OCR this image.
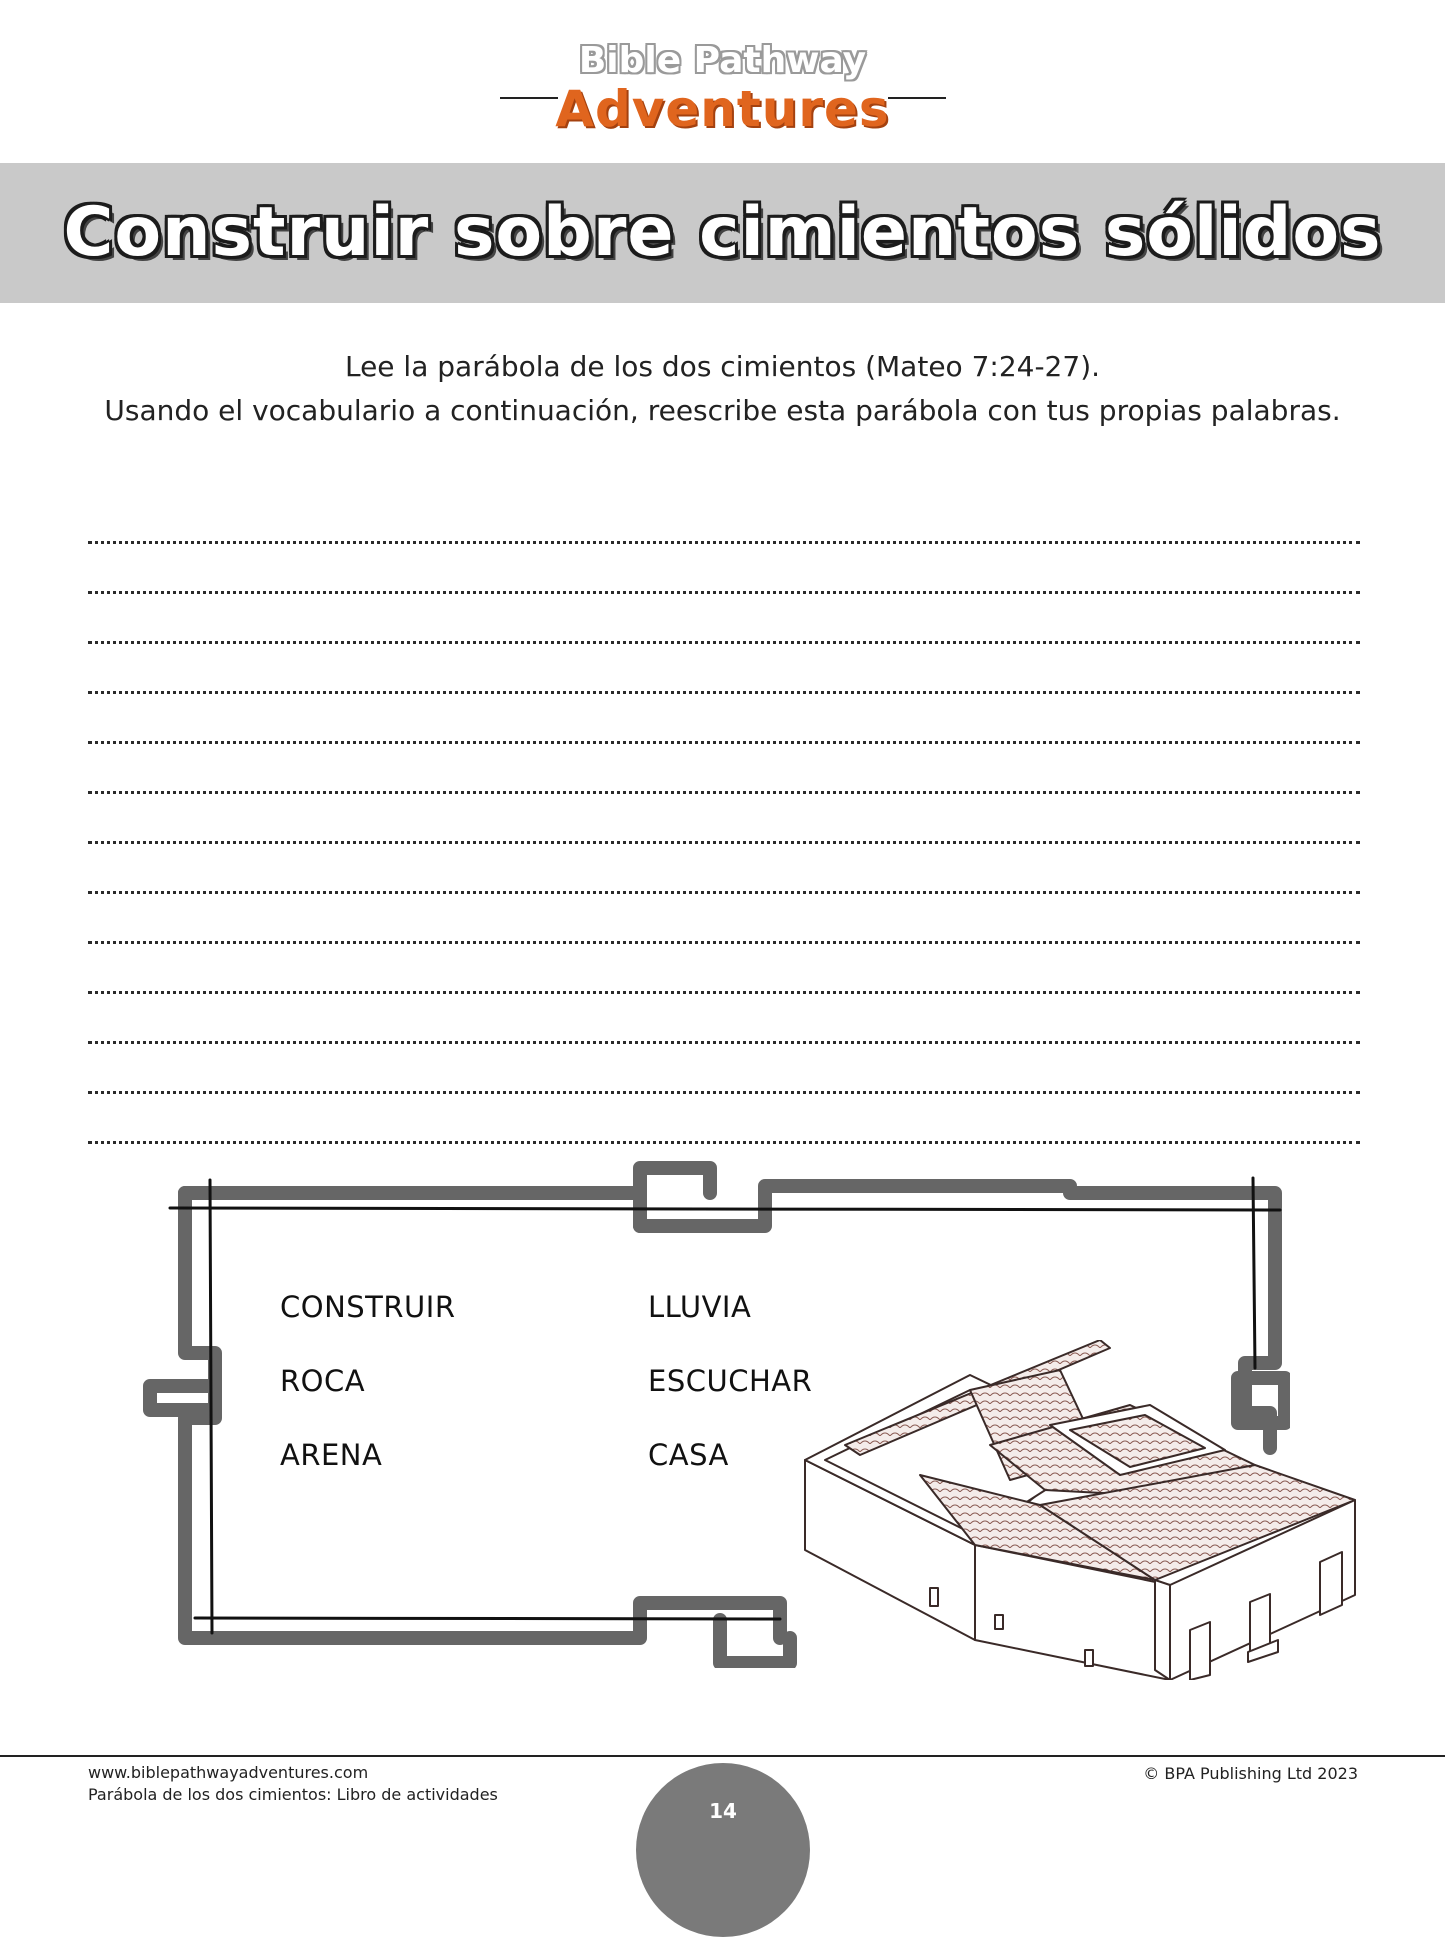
Bible Pathway
Adventures
Construir sobre cimientos sólidos
Lee la parábola de los dos cimientos (Mateo 7:24-27).
Usando el vocabulario a continuación, reescribe esta parábola con tus propias palabras.
CONSTRUIR
ROCA
ARENA
LLUVIA
ESCUCHAR
CASA
www.biblepathwayadventures.com
Parábola de los dos cimientos: Libro de actividades
© BPA Publishing Ltd 2023
14
